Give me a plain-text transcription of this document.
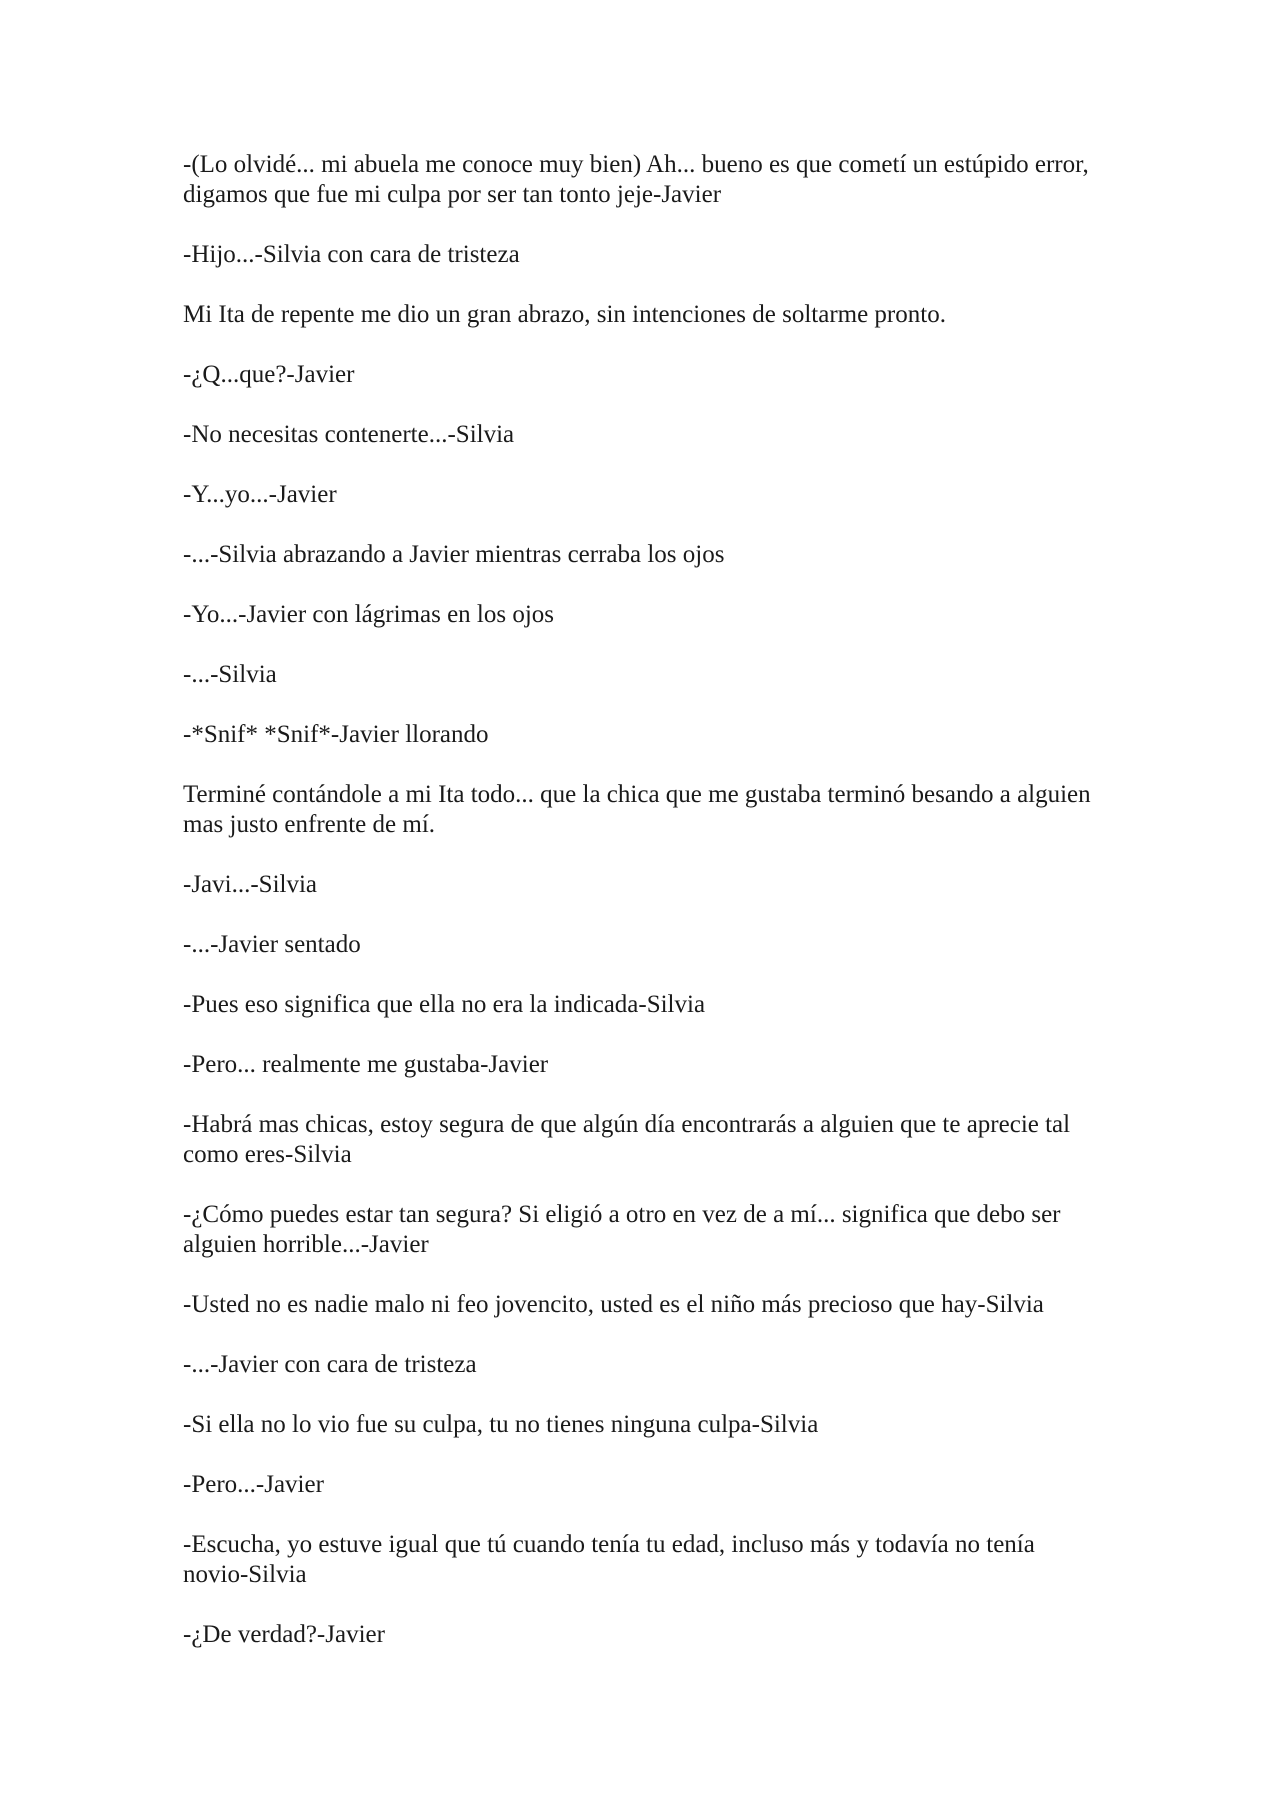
-(Lo olvidé... mi abuela me conoce muy bien) Ah... bueno es que cometí un estúpido error, digamos que fue mi culpa por ser tan tonto jeje-Javier

-Hijo...-Silvia con cara de tristeza

Mi Ita de repente me dio un gran abrazo, sin intenciones de soltarme pronto.

-¿Q...que?-Javier

-No necesitas contenerte...-Silvia

-Y...yo...-Javier

-...-Silvia abrazando a Javier mientras cerraba los ojos

-Yo...-Javier con lágrimas en los ojos

-...-Silvia

-*Snif* *Snif*-Javier llorando

Terminé contándole a mi Ita todo... que la chica que me gustaba terminó besando a alguien mas justo enfrente de mí.

-Javi...-Silvia

-...-Javier sentado

-Pues eso significa que ella no era la indicada-Silvia

-Pero... realmente me gustaba-Javier

-Habrá mas chicas, estoy segura de que algún día encontrarás a alguien que te aprecie tal como eres-Silvia

-¿Cómo puedes estar tan segura? Si eligió a otro en vez de a mí... significa que debo ser alguien horrible...-Javier

-Usted no es nadie malo ni feo jovencito, usted es el niño más precioso que hay-Silvia

-...-Javier con cara de tristeza

-Si ella no lo vio fue su culpa, tu no tienes ninguna culpa-Silvia

-Pero...-Javier

-Escucha, yo estuve igual que tú cuando tenía tu edad, incluso más y todavía no tenía novio-Silvia

-¿De verdad?-Javier
